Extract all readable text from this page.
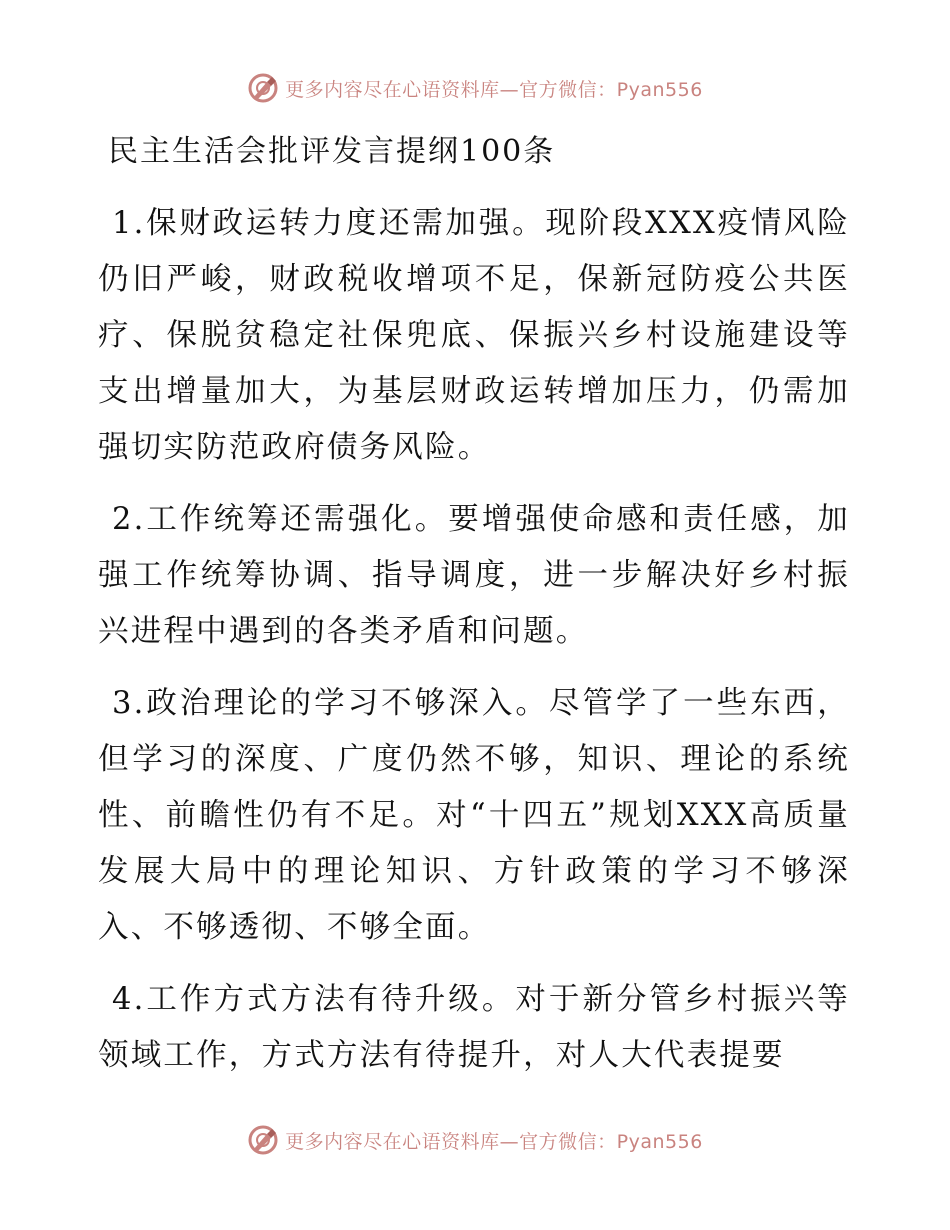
更多内容尽在心语资料库—官方微信：Pyan556
民主生活会批评发言提纲100条

1.保财政运转力度还需加强。现阶段XXX疫情风险仍旧严峻，财政税收增项不足，保新冠防疫公共医疗、保脱贫稳定社保兜底、保振兴乡村设施建设等支出增量加大，为基层财政运转增加压力，仍需加强切实防范政府债务风险。

2.工作统筹还需强化。要增强使命感和责任感，加强工作统筹协调、指导调度，进一步解决好乡村振兴进程中遇到的各类矛盾和问题。

3.政治理论的学习不够深入。尽管学了一些东西，但学习的深度、广度仍然不够，知识、理论的系统性、前瞻性仍有不足。对“十四五”规划XXX高质量发展大局中的理论知识、方针政策的学习不够深入、不够透彻、不够全面。

4.工作方式方法有待升级。对于新分管乡村振兴等领域工作，方式方法有待提升，对人大代表提要

更多内容尽在心语资料库—官方微信：Pyan556
